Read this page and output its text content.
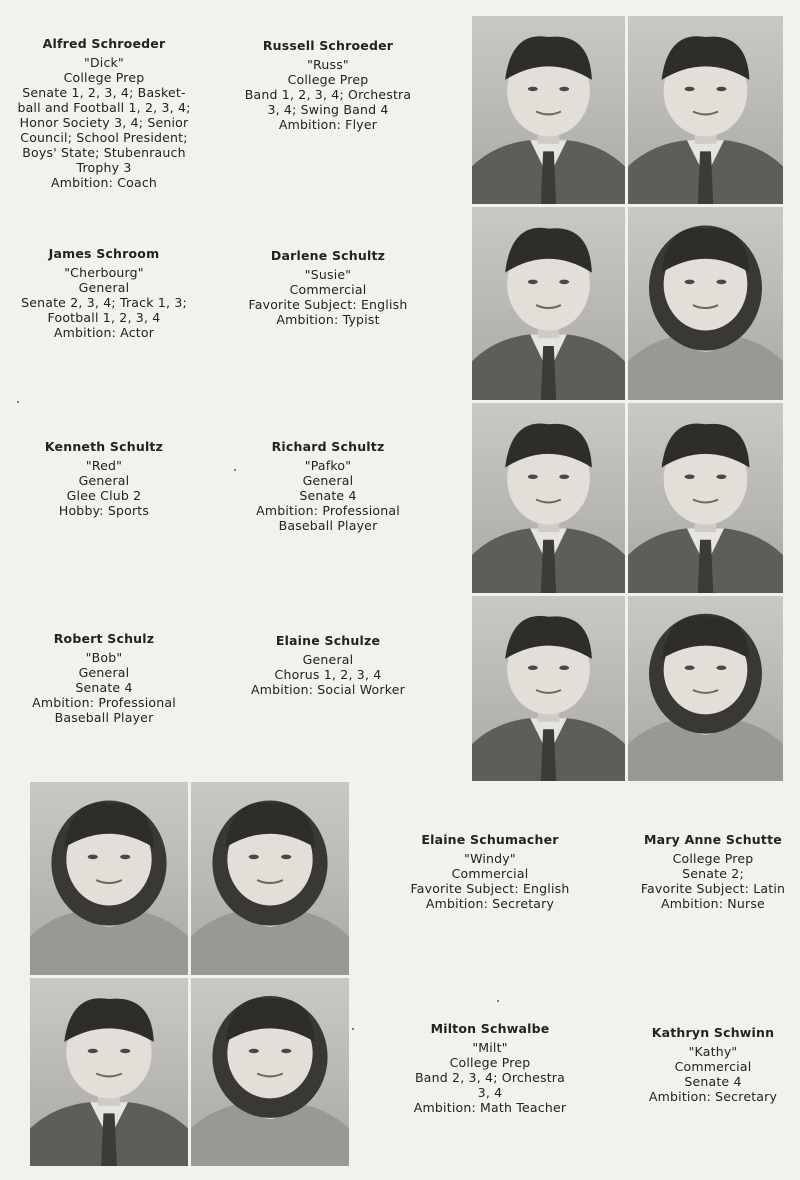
Alfred Schroeder
"Dick"
College Prep
Senate 1, 2, 3, 4; Basket-
ball and Football 1, 2, 3, 4;
Honor Society 3, 4; Senior
Council; School President;
Boys' State; Stubenrauch
Trophy 3
Ambition: Coach
Russell Schroeder
"Russ"
College Prep
Band 1, 2, 3, 4; Orchestra
3, 4; Swing Band 4
Ambition: Flyer
James Schroom
"Cherbourg"
General
Senate 2, 3, 4; Track 1, 3;
Football 1, 2, 3, 4
Ambition: Actor
Darlene Schultz
"Susie"
Commercial
Favorite Subject: English
Ambition: Typist
Kenneth Schultz
"Red"
General
Glee Club 2
Hobby: Sports
Richard Schultz
"Pafko"
General
Senate 4
Ambition: Professional
Baseball Player
Robert Schulz
"Bob"
General
Senate 4
Ambition: Professional
Baseball Player
Elaine Schulze
General
Chorus 1, 2, 3, 4
Ambition: Social Worker
Elaine Schumacher
"Windy"
Commercial
Favorite Subject: English
Ambition: Secretary
Mary Anne Schutte
College Prep
Senate 2;
Favorite Subject: Latin
Ambition: Nurse
Milton Schwalbe
"Milt"
College Prep
Band 2, 3, 4; Orchestra
3, 4
Ambition: Math Teacher
Kathryn Schwinn
"Kathy"
Commercial
Senate 4
Ambition: Secretary
